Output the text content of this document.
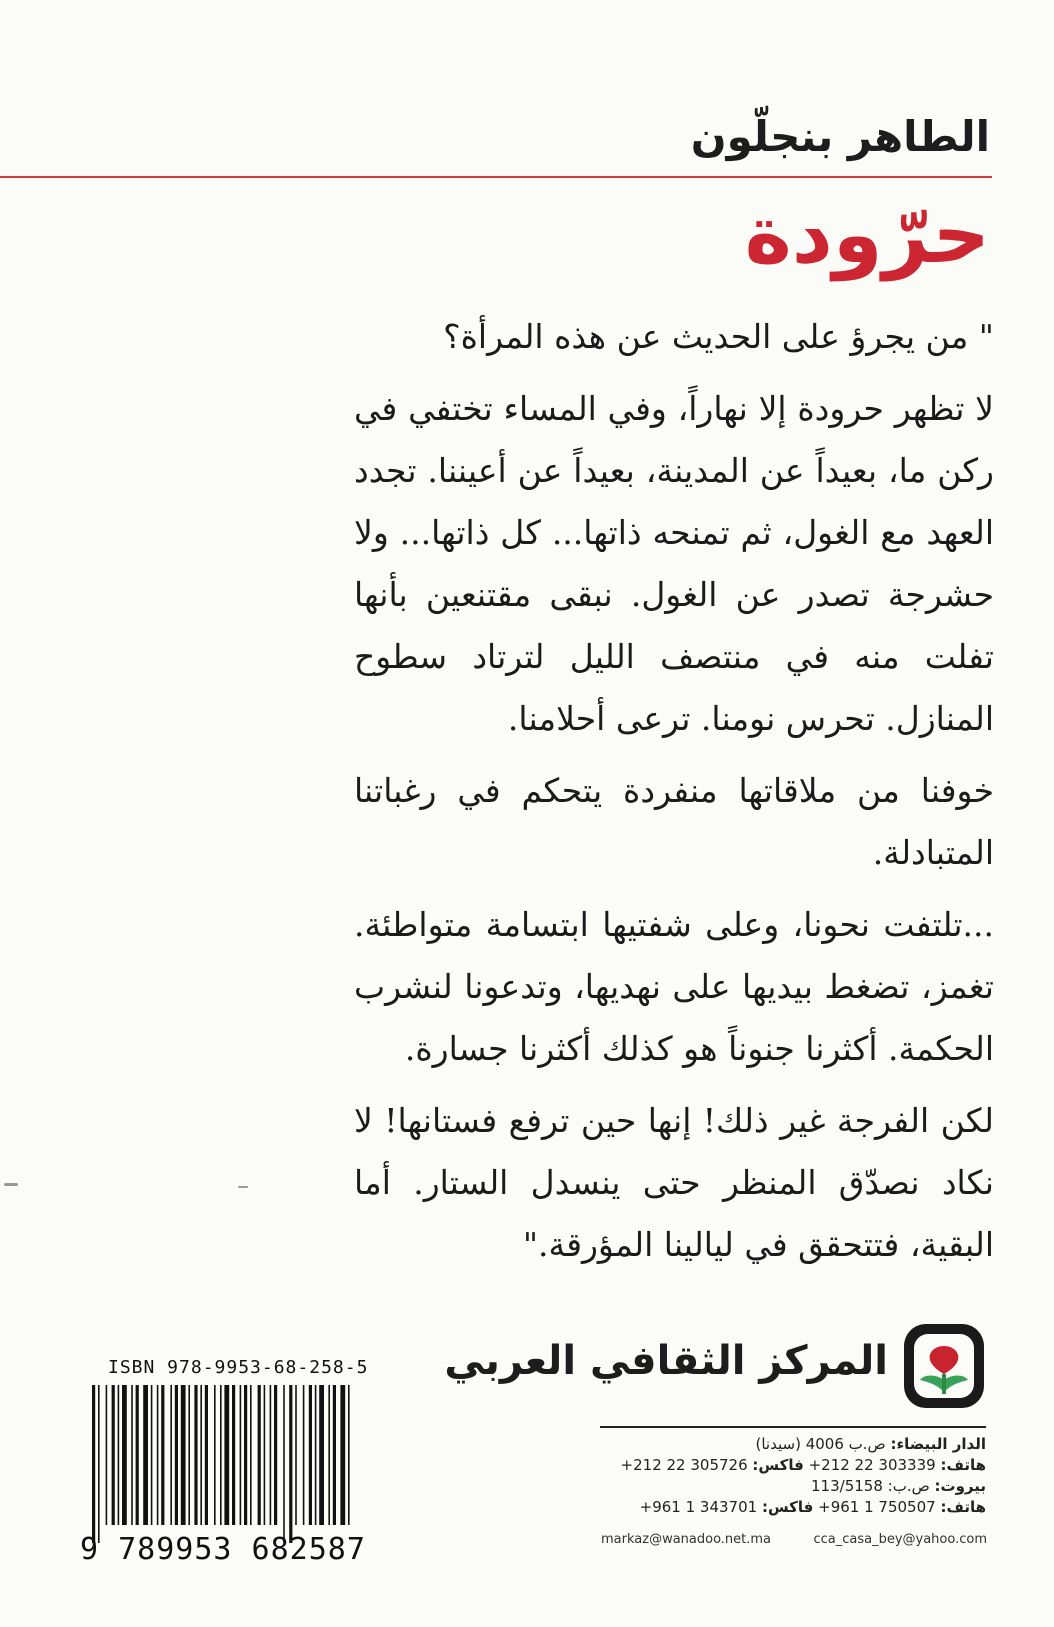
الطاهر بنجلّون
حرّودة

" من يجرؤ على الحديث عن هذه المرأة؟

لا تظهر حرودة إلا نهاراً، وفي المساء تختفي في ركن ما، بعيداً عن المدينة، بعيداً عن أعيننا. تجدد العهد مع الغول، ثم تمنحه ذاتها... كل ذاتها... ولا حشرجة تصدر عن الغول. نبقى مقتنعين بأنها تفلت منه في منتصف الليل لترتاد سطوح المنازل. تحرس نومنا. ترعى أحلامنا.

خوفنا من ملاقاتها منفردة يتحكم في رغباتنا المتبادلة.

...تلتفت نحونا، وعلى شفتيها ابتسامة متواطئة. تغمز، تضغط بيديها على نهديها، وتدعونا لنشرب الحكمة. أكثرنا جنوناً هو كذلك أكثرنا جسارة.

لكن الفرجة غير ذلك! إنها حين ترفع فستانها! لا نكاد نصدّق المنظر حتى ينسدل الستار. أما البقية، فتتحقق في ليالينا المؤرقة."

المركز الثقافي العربي
الدار البيضاء: ص.ب 4006 (سيدنا)
هاتف: +212 22 303339 فاكس: +212 22 305726
بيروت: ص.ب: 113/5158
هاتف: +961 1 750507 فاكس: +961 1 343701
markaz@wanadoo.net.ma	cca_casa_bey@yahoo.com
ISBN 978-9953-68-258-5
9 789953 682587
